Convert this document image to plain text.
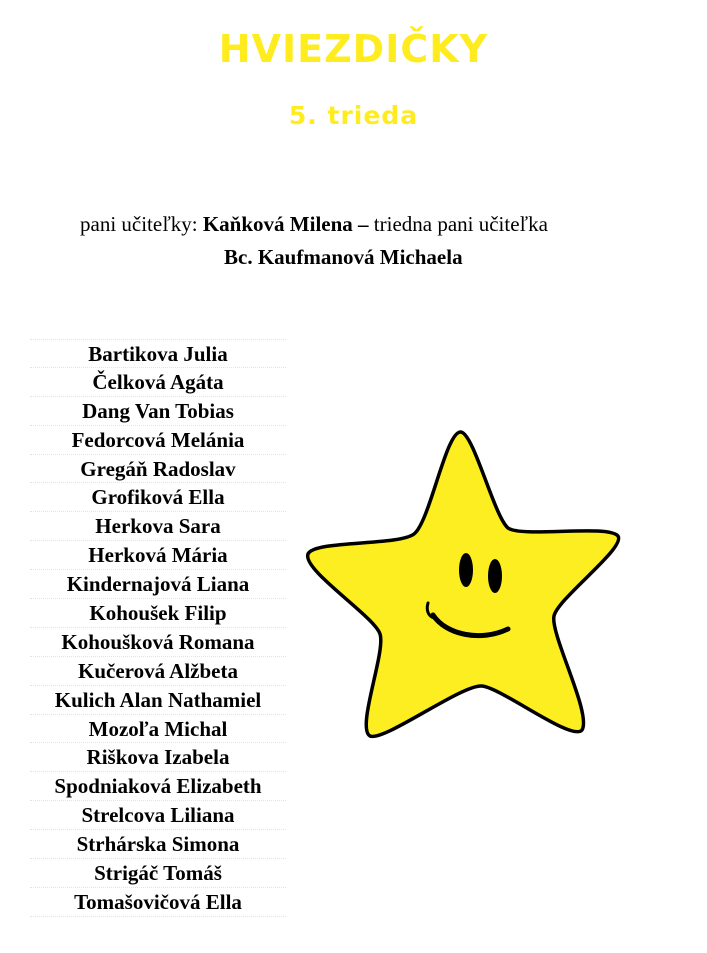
HVIEZDIČKY
5. trieda
pani učiteľky: Kaňková Milena – triedna pani učiteľka
Bc. Kaufmanová Michaela
Bartikova Julia
Čelková Agáta
Dang Van Tobias
Fedorcová Melánia
Gregáň Radoslav
Grofiková Ella
Herkova Sara
Herková Mária
Kindernajová Liana
Kohoušek Filip
Kohoušková Romana
Kučerová Alžbeta
Kulich Alan Nathamiel
Mozoľa Michal
Riškova Izabela
Spodniaková Elizabeth
Strelcova Liliana
Strhárska Simona
Strigáč Tomáš
Tomašovičová Ella
